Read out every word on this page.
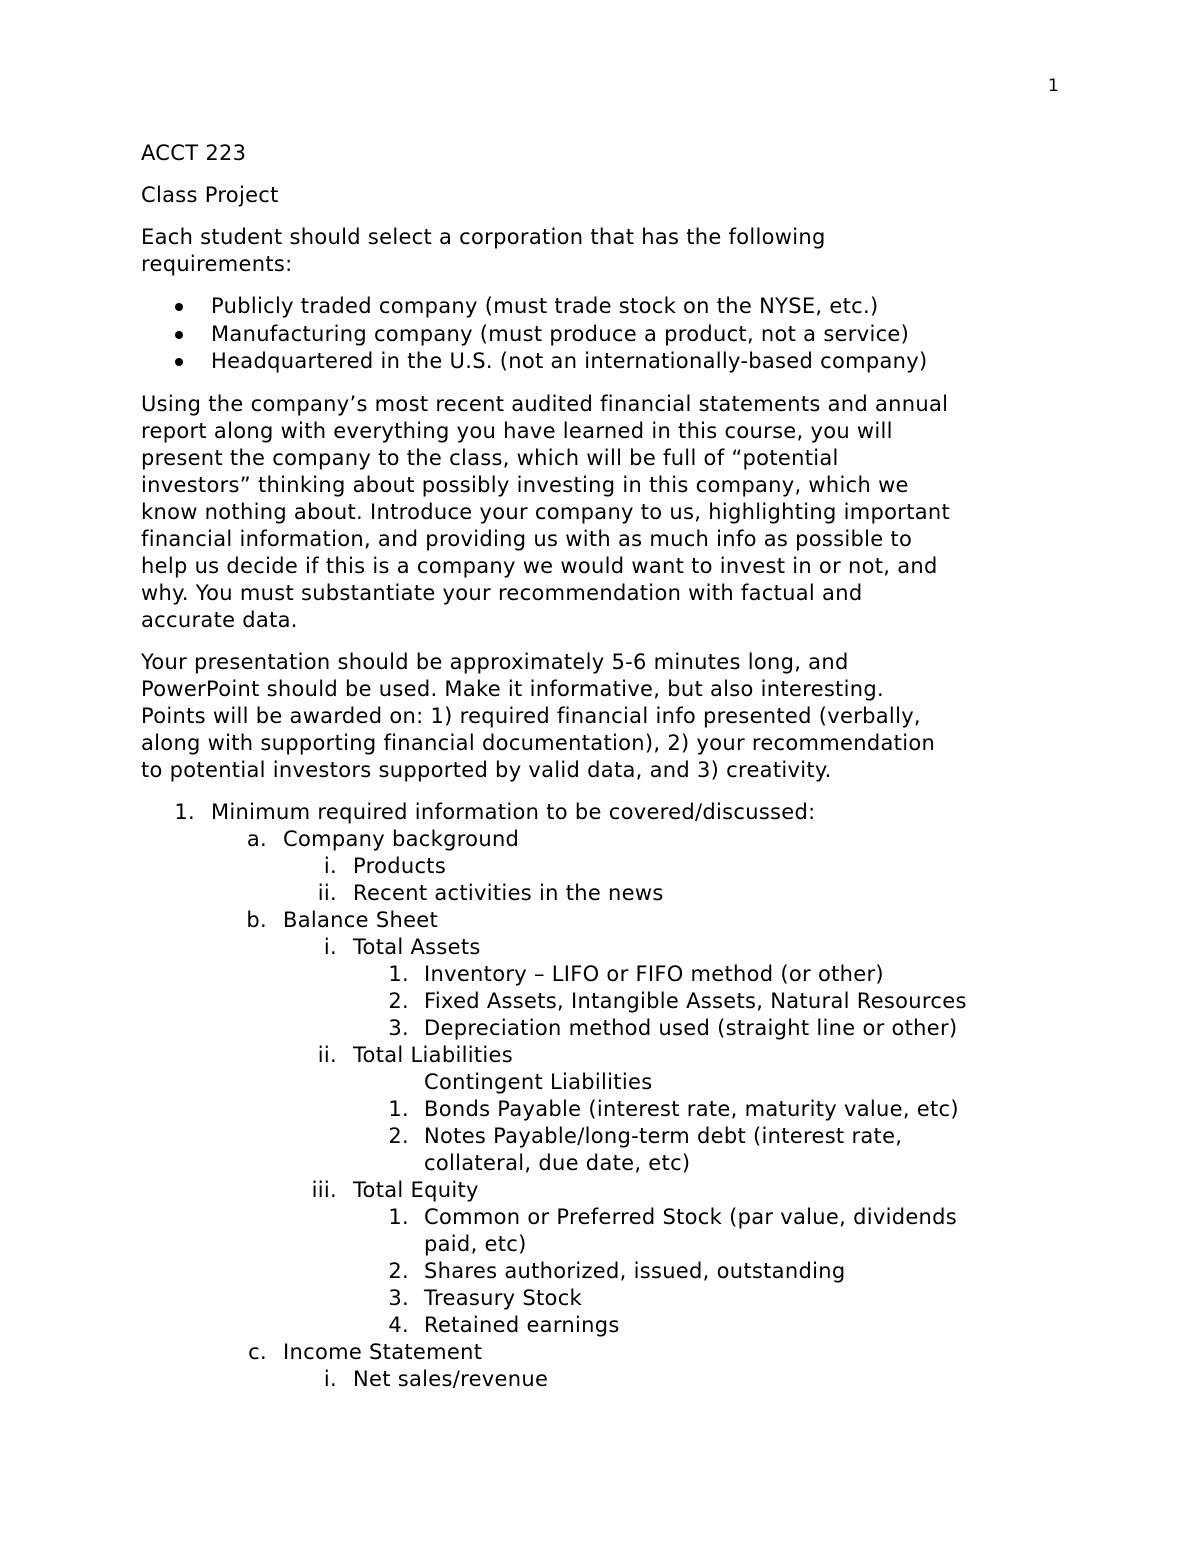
1
ACCT 223
Class Project
Each student should select a corporation that has the following
requirements:
Publicly traded company (must trade stock on the NYSE, etc.)
Manufacturing company (must produce a product, not a service)
Headquartered in the U.S. (not an internationally-based company)
Using the company’s most recent audited financial statements and annual
report along with everything you have learned in this course, you will
present the company to the class, which will be full of “potential
investors” thinking about possibly investing in this company, which we
know nothing about. Introduce your company to us, highlighting important
financial information, and providing us with as much info as possible to
help us decide if this is a company we would want to invest in or not, and
why. You must substantiate your recommendation with factual and
accurate data.
Your presentation should be approximately 5-6 minutes long, and
PowerPoint should be used. Make it informative, but also interesting.
Points will be awarded on: 1) required financial info presented (verbally,
along with supporting financial documentation), 2) your recommendation
to potential investors supported by valid data, and 3) creativity.
1. Minimum required information to be covered/discussed:
a. Company background
i. Products
ii. Recent activities in the news
b. Balance Sheet
i. Total Assets
1. Inventory – LIFO or FIFO method (or other)
2. Fixed Assets, Intangible Assets, Natural Resources
3. Depreciation method used (straight line or other)
ii. Total Liabilities
Contingent Liabilities
1. Bonds Payable (interest rate, maturity value, etc)
2. Notes Payable/long-term debt (interest rate,
collateral, due date, etc)
iii. Total Equity
1. Common or Preferred Stock (par value, dividends
paid, etc)
2. Shares authorized, issued, outstanding
3. Treasury Stock
4. Retained earnings
c. Income Statement
i. Net sales/revenue
